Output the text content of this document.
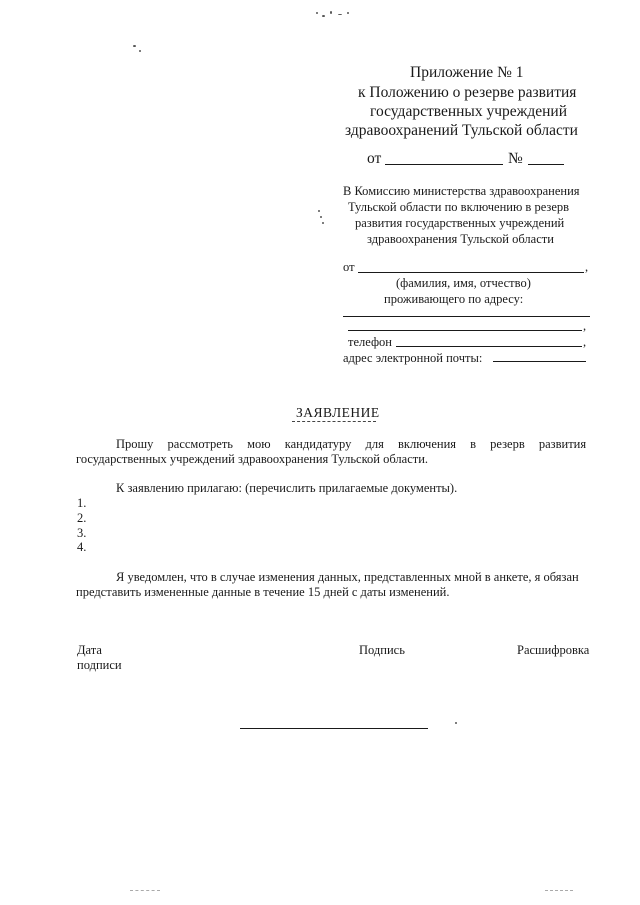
Приложение № 1
к Положению о резерве развития
государственных учреждений
здравоохранений Тульской области
от	№
В Комиссию министерства здравоохранения
Тульской области по включению в резерв
развития государственных учреждений
здравоохранения Тульской области
от	,
(фамилия, имя, отчество)
проживающего по адресу:
,
телефон	,
адрес электронной почты:
ЗАЯВЛЕНИЕ
Прошу рассмотреть мою кандидатуру для включения в резерв развития
государственных учреждений здравоохранения Тульской области.
К заявлению прилагаю: (перечислить прилагаемые документы).
1.
2.
3.
4.
Я уведомлен, что в случае изменения данных, представленных мной в анкете, я обязан
представить измененные данные в течение 15 дней с даты изменений.
Дата
подписи
Подпись	Расшифровка
